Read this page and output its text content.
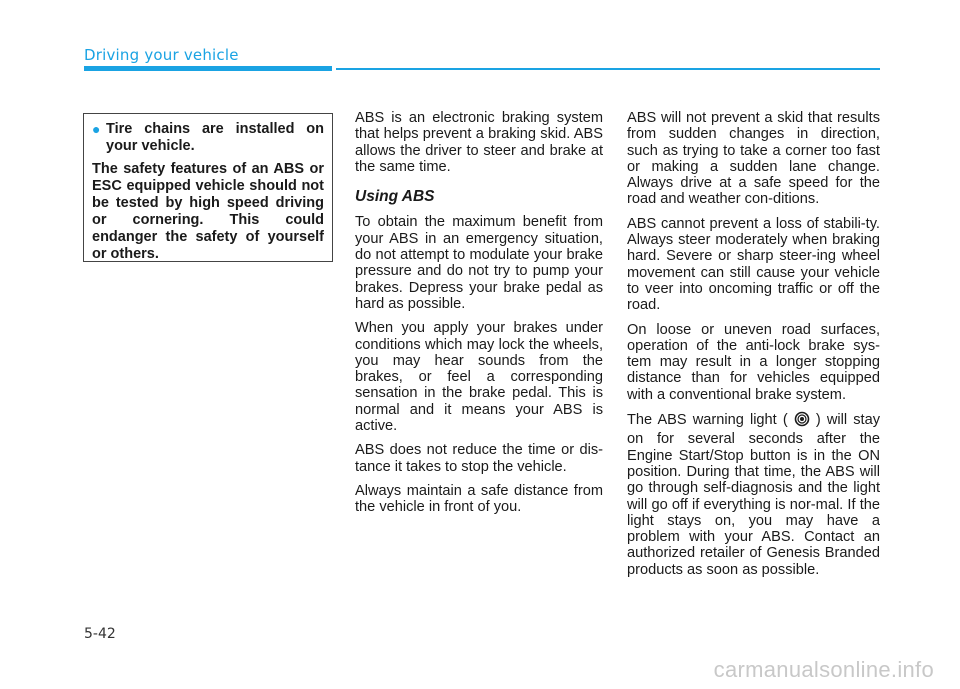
Driving your vehicle
● Tire chains are installed on your vehicle.

The safety features of an ABS or ESC equipped vehicle should not be tested by high speed driving or cornering. This could endanger the safety of yourself or others.

ABS is an electronic braking system that helps prevent a braking skid. ABS allows the driver to steer and brake at the same time.

Using ABS

To obtain the maximum benefit from your ABS in an emergency situation, do not attempt to modulate your brake pressure and do not try to pump your brakes. Depress your brake pedal as hard as possible.

When you apply your brakes under conditions which may lock the wheels, you may hear sounds from the brakes, or feel a corresponding sensation in the brake pedal. This is normal and it means your ABS is active.

ABS does not reduce the time or dis-tance it takes to stop the vehicle.

Always maintain a safe distance from the vehicle in front of you.

ABS will not prevent a skid that results from sudden changes in direction, such as trying to take a corner too fast or making a sudden lane change. Always drive at a safe speed for the road and weather con-ditions.

ABS cannot prevent a loss of stabili-ty. Always steer moderately when braking hard. Severe or sharp steer-ing wheel movement can still cause your vehicle to veer into oncoming traffic or off the road.

On loose or uneven road surfaces, operation of the anti-lock brake sys-tem may result in a longer stopping distance than for vehicles equipped with a conventional brake system.

The ABS warning light ( ) will stay on for several seconds after the Engine Start/Stop button is in the ON position. During that time, the ABS will go through self-diagnosis and the light will go off if everything is nor-mal. If the light stays on, you may have a problem with your ABS. Contact an authorized retailer of Genesis Branded products as soon as possible.

5-42
carmanualsonline.info
